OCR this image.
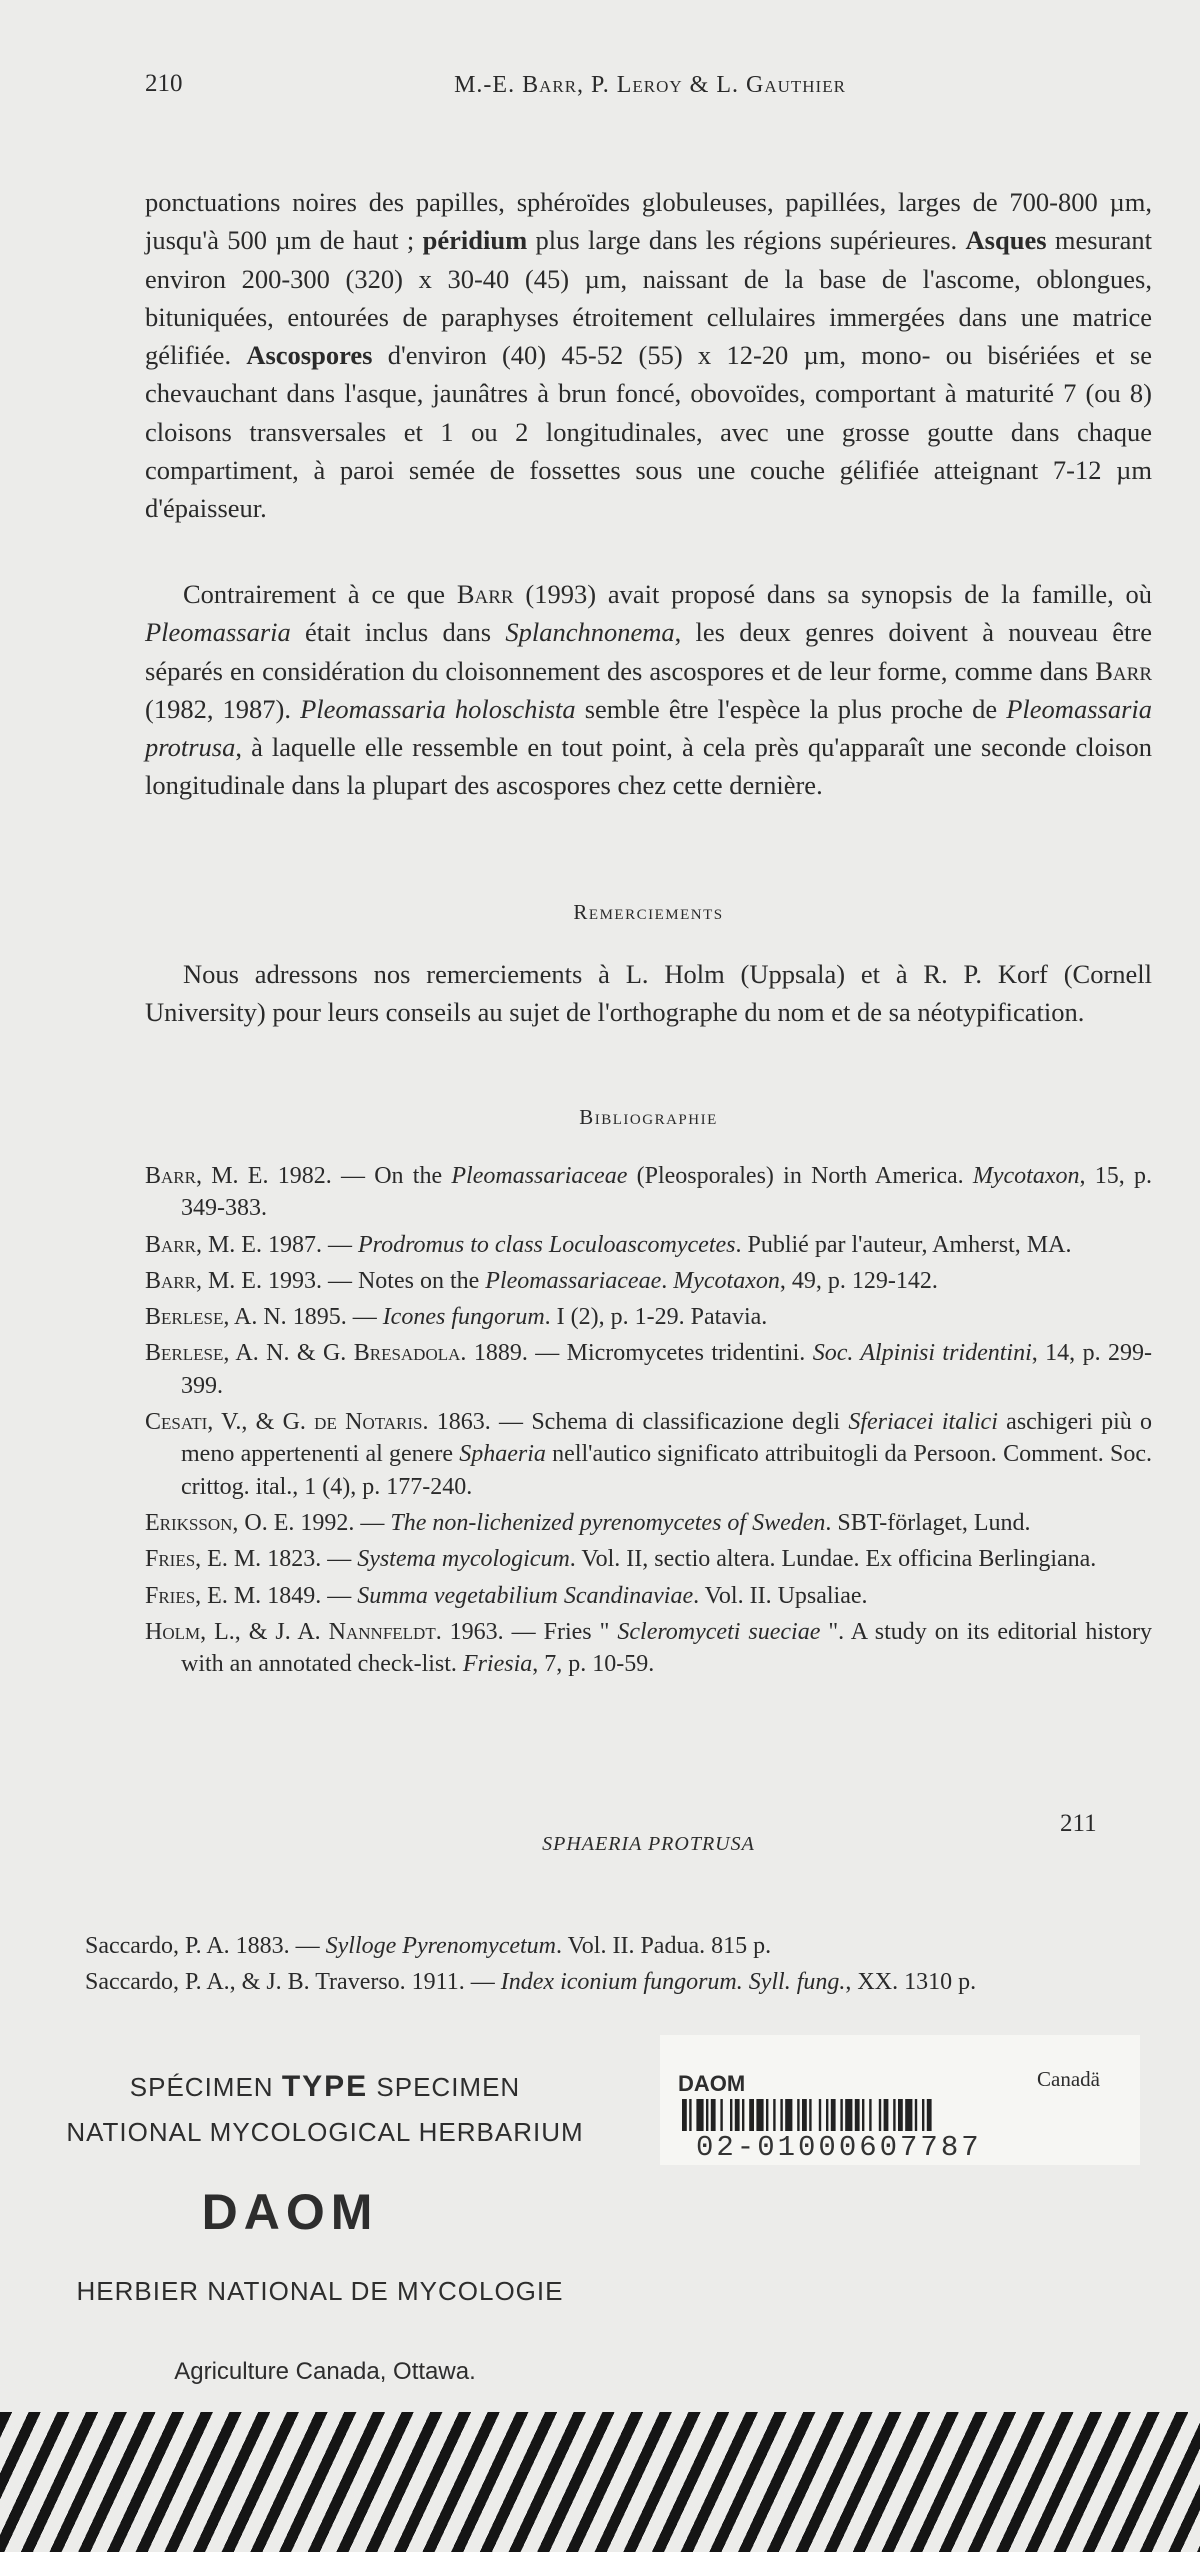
210	M.-E. Barr, P. Leroy & L. Gauthier

ponctuations noires des papilles, sphéroïdes globuleuses, papillées, larges de 700-800 µm, jusqu'à 500 µm de haut ; péridium plus large dans les régions supérieures. Asques mesurant environ 200-300 (320) x 30-40 (45) µm, naissant de la base de l'ascome, oblongues, bituniquées, entourées de paraphyses étroitement cellulaires immergées dans une matrice gélifiée. Ascospores d'environ (40) 45-52 (55) x 12-20 µm, mono- ou bisériées et se chevauchant dans l'asque, jaunâtres à brun foncé, obovoïdes, comportant à maturité 7 (ou 8) cloisons transversales et 1 ou 2 longitudinales, avec une grosse goutte dans chaque compartiment, à paroi semée de fossettes sous une couche gélifiée atteignant 7-12 µm d'épaisseur.

Contrairement à ce que Barr (1993) avait proposé dans sa synopsis de la famille, où Pleomassaria était inclus dans Splanchnonema, les deux genres doivent à nouveau être séparés en considération du cloisonnement des ascospores et de leur forme, comme dans Barr (1982, 1987). Pleomassaria holoschista semble être l'espèce la plus proche de Pleomassaria protrusa, à laquelle elle ressemble en tout point, à cela près qu'apparaît une seconde cloison longitudinale dans la plupart des ascospores chez cette dernière.

Remerciements

Nous adressons nos remerciements à L. Holm (Uppsala) et à R. P. Korf (Cornell University) pour leurs conseils au sujet de l'orthographe du nom et de sa néotypification.

Bibliographie
Barr, M. E. 1982. — On the Pleomassariaceae (Pleosporales) in North America. Mycotaxon, 15, p. 349-383.
Barr, M. E. 1987. — Prodromus to class Loculoascomycetes. Publié par l'auteur, Amherst, MA.
Barr, M. E. 1993. — Notes on the Pleomassariaceae. Mycotaxon, 49, p. 129-142.
Berlese, A. N. 1895. — Icones fungorum. I (2), p. 1-29. Patavia.
Berlese, A. N. & G. Bresadola. 1889. — Micromycetes tridentini. Soc. Alpinisi tridentini, 14, p. 299-399.
Cesati, V., & G. de Notaris. 1863. — Schema di classificazione degli Sferiacei italici aschigeri più o meno appertenenti al genere Sphaeria nell'autico significato attribuitogli da Persoon. Comment. Soc. crittog. ital., 1 (4), p. 177-240.
Eriksson, O. E. 1992. — The non-lichenized pyrenomycetes of Sweden. SBT-förlaget, Lund.
Fries, E. M. 1823. — Systema mycologicum. Vol. II, sectio altera. Lundae. Ex officina Berlingiana.
Fries, E. M. 1849. — Summa vegetabilium Scandinaviae. Vol. II. Upsaliae.
Holm, L., & J. A. Nannfeldt. 1963. — Fries " Scleromyceti sueciae ". A study on its editorial history with an annotated check-list. Friesia, 7, p. 10-59.
211
SPHAERIA PROTRUSA
Saccardo, P. A. 1883. — Sylloge Pyrenomycetum. Vol. II. Padua. 815 p.
Saccardo, P. A., & J. B. Traverso. 1911. — Index iconium fungorum. Syll. fung., XX. 1310 p.
SPÉCIMEN TYPE SPECIMEN
NATIONAL MYCOLOGICAL HERBARIUM
DAOM
HERBIER NATIONAL DE MYCOLOGIE
Agriculture Canada, Ottawa.
DAOM	Canadä
02-01000607787
